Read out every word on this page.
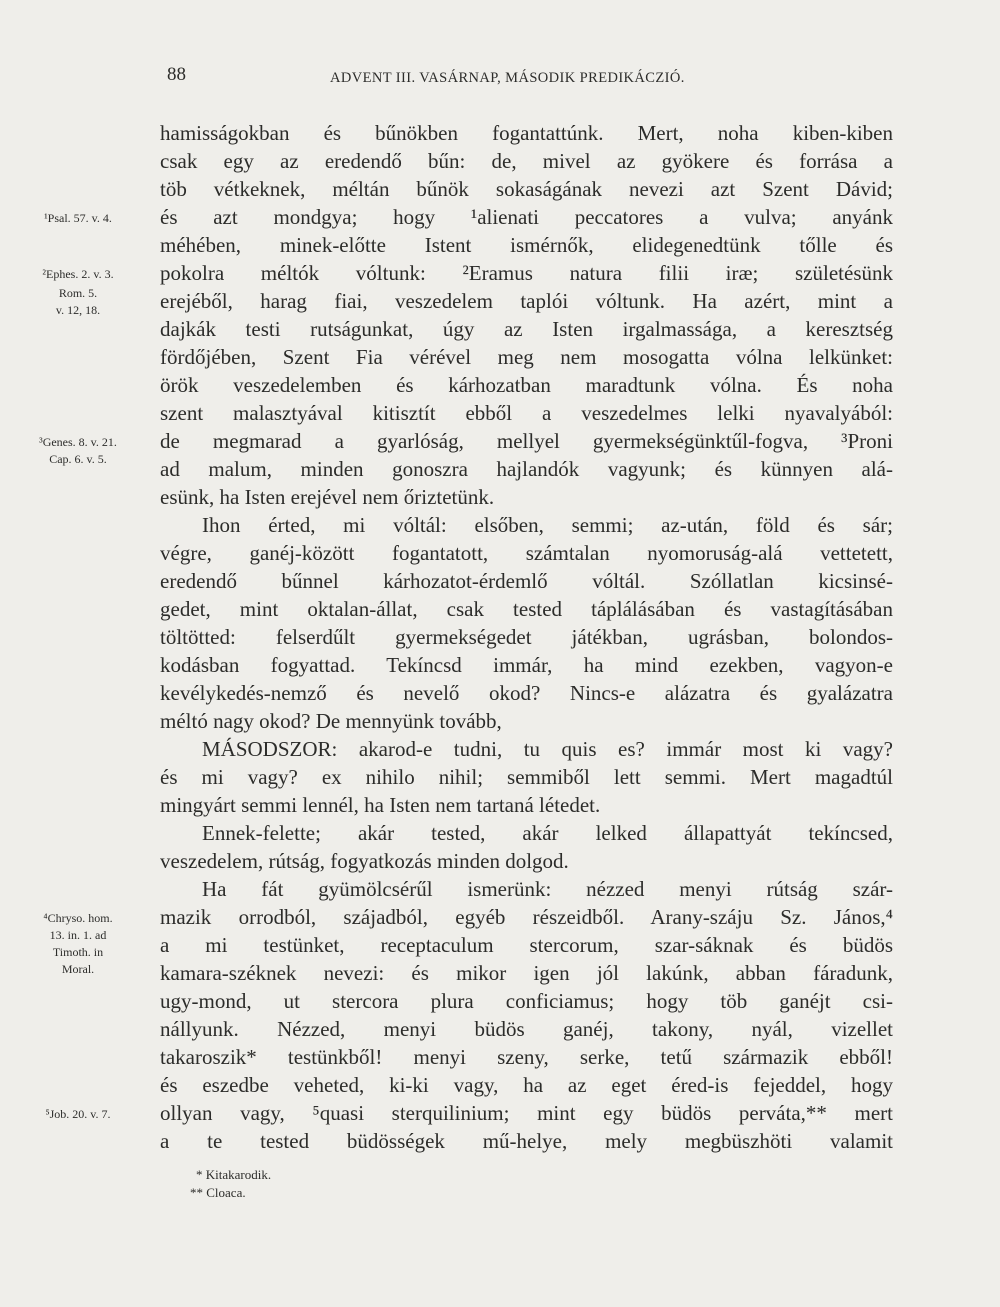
88	ADVENT III. VASÁRNAP, MÁSODIK PREDIKÁCZIÓ.
hamisságokban és bűnökben fogantattúnk. Mert, noha kiben-kiben
csak egy az eredendő bűn: de, mivel az gyökere és forrása a
töb vétkeknek, méltán bűnök sokaságának nevezi azt Szent Dávid;
és azt mondgya; hogy ¹alienati peccatores a vulva; anyánk
méhében, minek-előtte Istent ismérnők, elidegenedtünk tőlle és
pokolra méltók vóltunk: ²Eramus natura filii iræ; születésünk
erejéből, harag fiai, veszedelem taplói vóltunk. Ha azért, mint a
dajkák testi rutságunkat, úgy az Isten irgalmassága, a keresztség
fördőjében, Szent Fia vérével meg nem mosogatta vólna lelkünket:
örök veszedelemben és kárhozatban maradtunk vólna. És noha
szent malasztyával kitisztít ebből a veszedelmes lelki nyavalyából:
de megmarad a gyarlóság, mellyel gyermekségünktűl-fogva, ³Proni
ad malum, minden gonoszra hajlandók vagyunk; és künnyen alá-
esünk, ha Isten erejével nem őriztetünk.
Ihon érted, mi vóltál: elsőben, semmi; az-után, föld és sár;
végre, ganéj-között fogantatott, számtalan nyomoruság-alá vettetett,
eredendő bűnnel kárhozatot-érdemlő vóltál. Szóllatlan kicsinsé-
gedet, mint oktalan-állat, csak tested táplálásában és vastagításában
töltötted: felserdűlt gyermekségedet játékban, ugrásban, bolondos-
kodásban fogyattad. Tekíncsd immár, ha mind ezekben, vagyon-e
kevélykedés-nemző és nevelő okod? Nincs-e alázatra és gyalázatra
méltó nagy okod? De mennyünk tovább,
MÁSODSZOR: akarod-e tudni, tu quis es? immár most ki vagy?
és mi vagy? ex nihilo nihil; semmiből lett semmi. Mert magadtúl
mingyárt semmi lennél, ha Isten nem tartaná létedet.
Ennek-felette; akár tested, akár lelked állapattyát tekíncsed,
veszedelem, rútság, fogyatkozás minden dolgod.
Ha fát gyümölcsérűl ismerünk: nézzed menyi rútság szár-
mazik orrodból, szájadból, egyéb részeidből. Arany-száju Sz. János,⁴
a mi testünket, receptaculum stercorum, szar-sáknak és büdös
kamara-széknek nevezi: és mikor igen jól lakúnk, abban fáradunk,
ugy-mond, ut stercora plura conficiamus; hogy töb ganéjt csi-
nállyunk. Nézzed, menyi büdös ganéj, takony, nyál, vizellet
takaroszik* testünkből! menyi szeny, serke, tetű származik ebből!
és eszedbe veheted, ki-ki vagy, ha az eget éred-is fejeddel, hogy
ollyan vagy, ⁵quasi sterquilinium; mint egy büdös perváta,** mert
a te tested büdösségek mű-helye, mely megbüszhöti valamit
¹Psal. 57. v. 4.
²Ephes. 2. v. 3.
Rom. 5.
v. 12, 18.
³Genes. 8. v. 21.
Cap. 6. v. 5.
⁴Chryso. hom.
13. in. 1. ad
Timoth. in
Moral.
⁵Job. 20. v. 7.
* Kitakarodik.
** Cloaca.
